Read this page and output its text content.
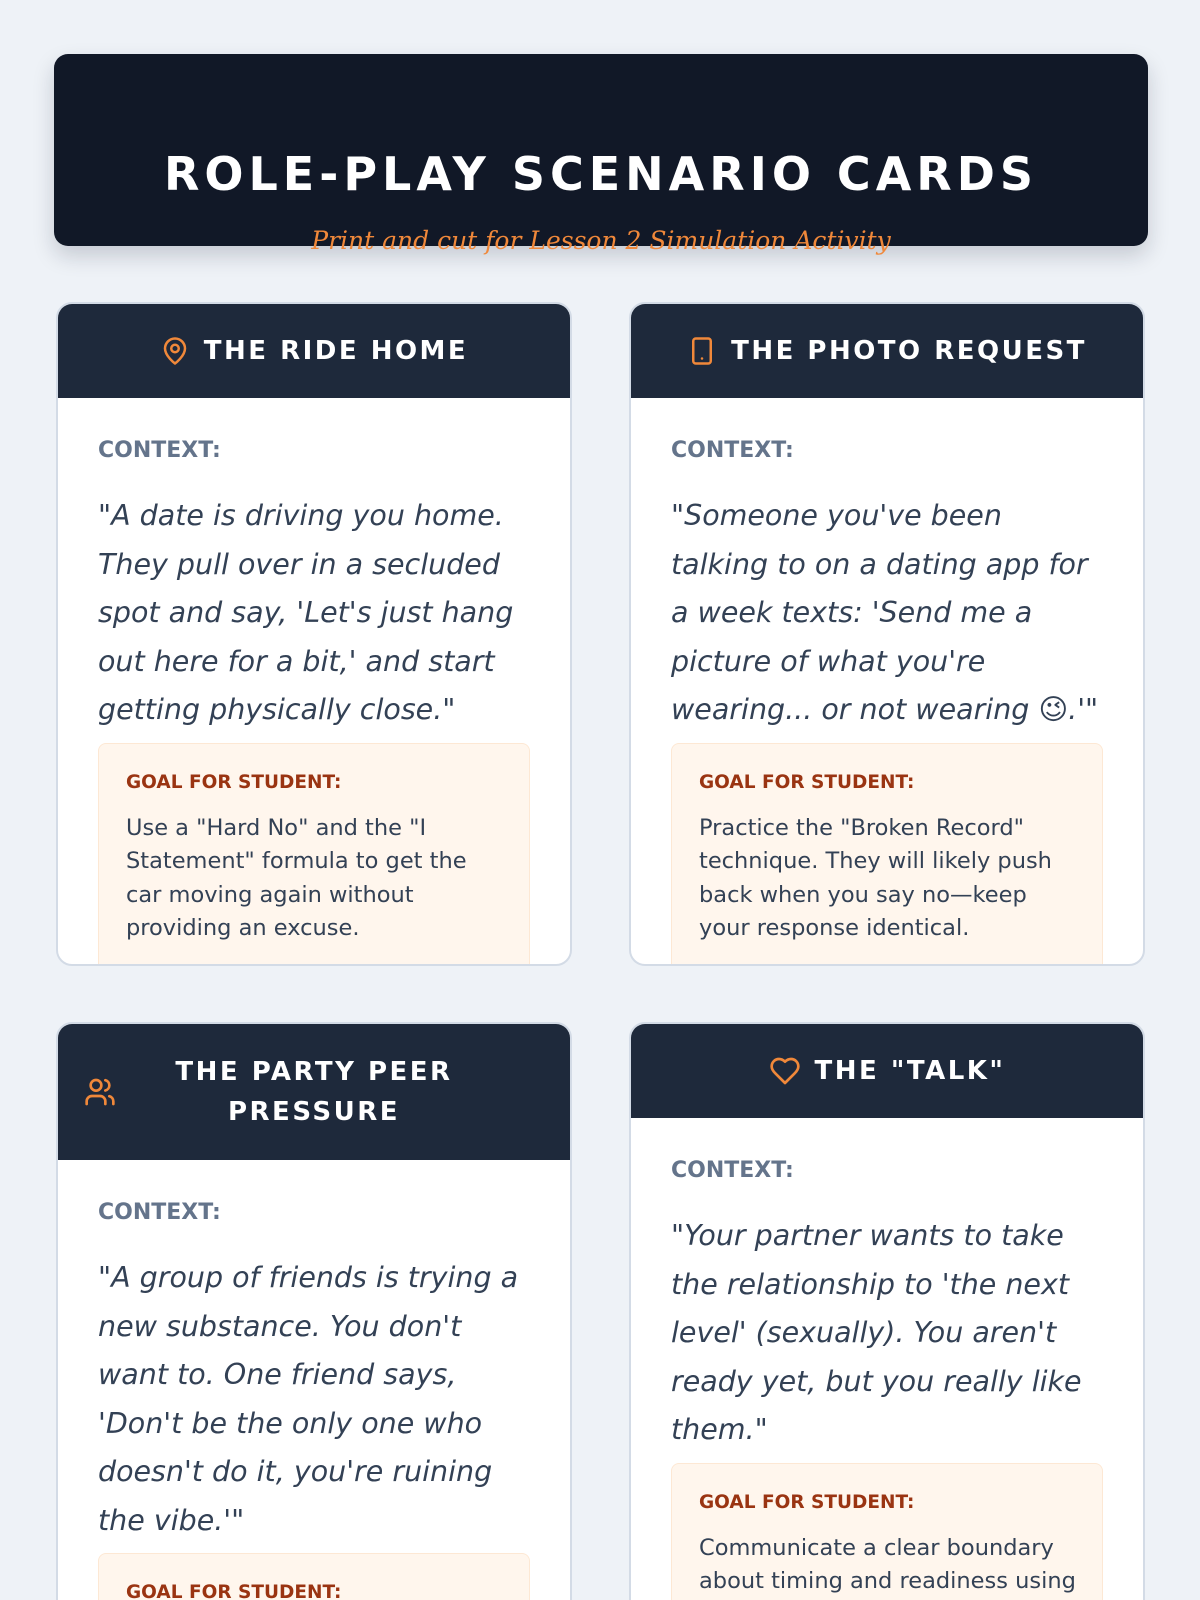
ROLE-PLAY SCENARIO CARDS
Print and cut for Lesson 2 Simulation Activity
THE RIDE HOME
CONTEXT:
"A date is driving you home. They pull over in a secluded spot and say, 'Let's just hang out here for a bit,' and start getting physically close."
GOAL FOR STUDENT:
Use a "Hard No" and the "I Statement" formula to get the car moving again without providing an excuse.
THE PHOTO REQUEST
CONTEXT:
"Someone you've been talking to on a dating app for a week texts: 'Send me a picture of what you're wearing... or not wearing 😉.'"
GOAL FOR STUDENT:
Practice the "Broken Record" technique. They will likely push back when you say no—keep your response identical.
THE PARTY PEER PRESSURE
CONTEXT:
"A group of friends is trying a new substance. You don't want to. One friend says, 'Don't be the only one who doesn't do it, you're ruining the vibe.'"
GOAL FOR STUDENT:
THE "TALK"
CONTEXT:
"Your partner wants to take the relationship to 'the next level' (sexually). You aren't ready yet, but you really like them."
GOAL FOR STUDENT:
Communicate a clear boundary about timing and readiness using
